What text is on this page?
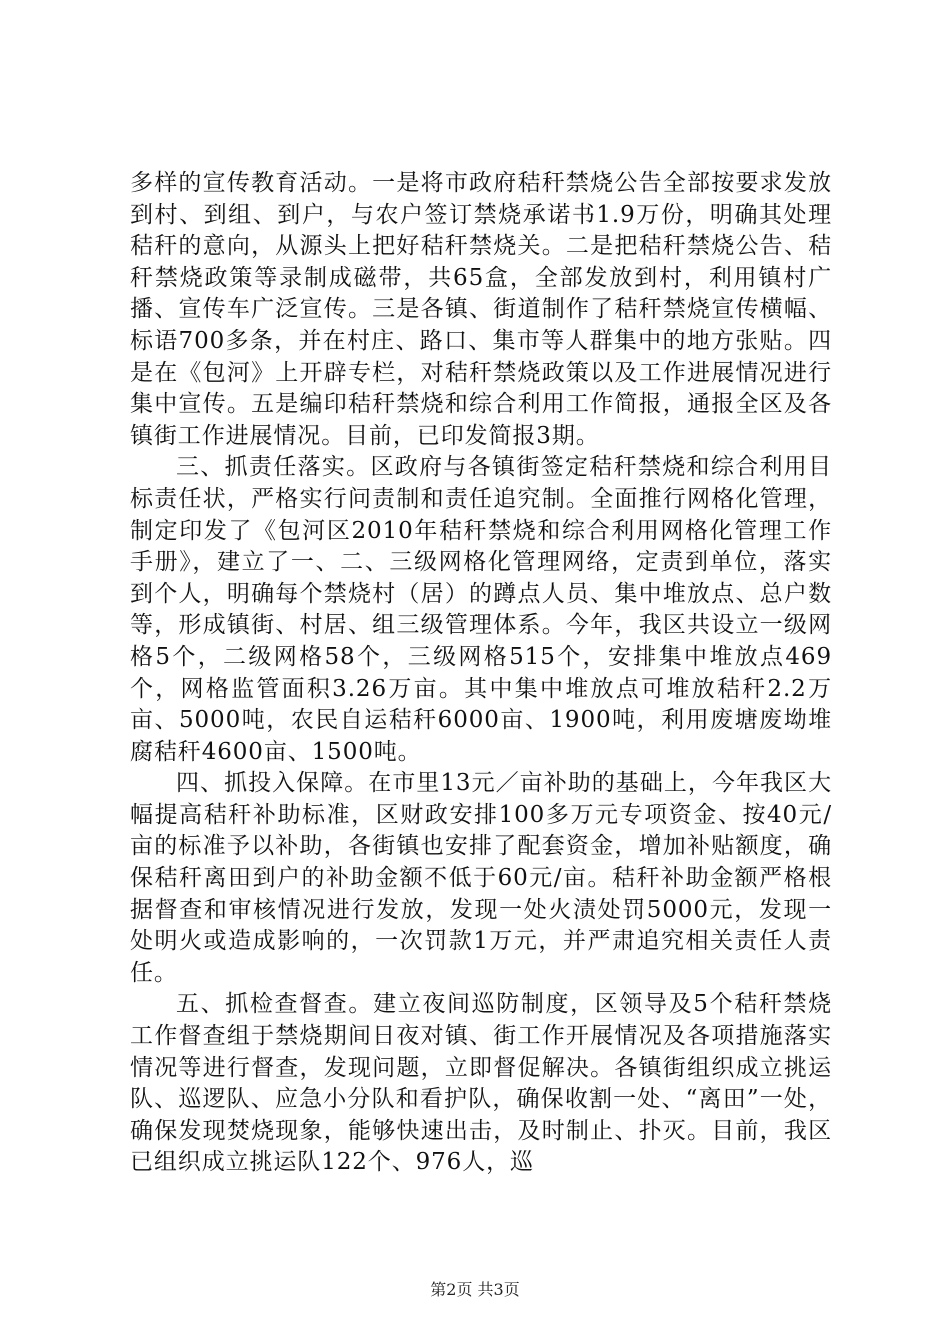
多样的宣传教育活动。一是将市政府秸秆禁烧公告全部按要求发放到村、到组、到户，与农户签订禁烧承诺书1.9万份，明确其处理秸秆的意向，从源头上把好秸秆禁烧关。二是把秸秆禁烧公告、秸秆禁烧政策等录制成磁带，共65盒，全部发放到村，利用镇村广播、宣传车广泛宣传。三是各镇、街道制作了秸秆禁烧宣传横幅、标语700多条，并在村庄、路口、集市等人群集中的地方张贴。四是在《包河》上开辟专栏，对秸秆禁烧政策以及工作进展情况进行集中宣传。五是编印秸秆禁烧和综合利用工作简报，通报全区及各镇街工作进展情况。目前，已印发简报3期。

三、抓责任落实。区政府与各镇街签定秸秆禁烧和综合利用目标责任状，严格实行问责制和责任追究制。全面推行网格化管理，制定印发了《包河区2010年秸秆禁烧和综合利用网格化管理工作手册》，建立了一、二、三级网格化管理网络，定责到单位，落实到个人，明确每个禁烧村（居）的蹲点人员、集中堆放点、总户数等，形成镇街、村居、组三级管理体系。今年，我区共设立一级网格5个，二级网格58个，三级网格515个，安排集中堆放点469个，网格监管面积3.26万亩。其中集中堆放点可堆放秸秆2.2万亩、5000吨，农民自运秸秆6000亩、1900吨，利用废塘废坳堆腐秸秆4600亩、1500吨。

四、抓投入保障。在市里13元／亩补助的基础上，今年我区大幅提高秸秆补助标准，区财政安排100多万元专项资金、按40元/亩的标准予以补助，各街镇也安排了配套资金，增加补贴额度，确保秸秆离田到户的补助金额不低于60元/亩。秸秆补助金额严格根据督查和审核情况进行发放，发现一处火渍处罚5000元，发现一处明火或造成影响的，一次罚款1万元，并严肃追究相关责任人责任。

五、抓检查督查。建立夜间巡防制度，区领导及5个秸秆禁烧工作督查组于禁烧期间日夜对镇、街工作开展情况及各项措施落实情况等进行督查，发现问题，立即督促解决。各镇街组织成立挑运队、巡逻队、应急小分队和看护队，确保收割一处、“离田”一处，确保发现焚烧现象，能够快速出击，及时制止、扑灭。目前，我区已组织成立挑运队122个、976人，巡

第2页 共3页
